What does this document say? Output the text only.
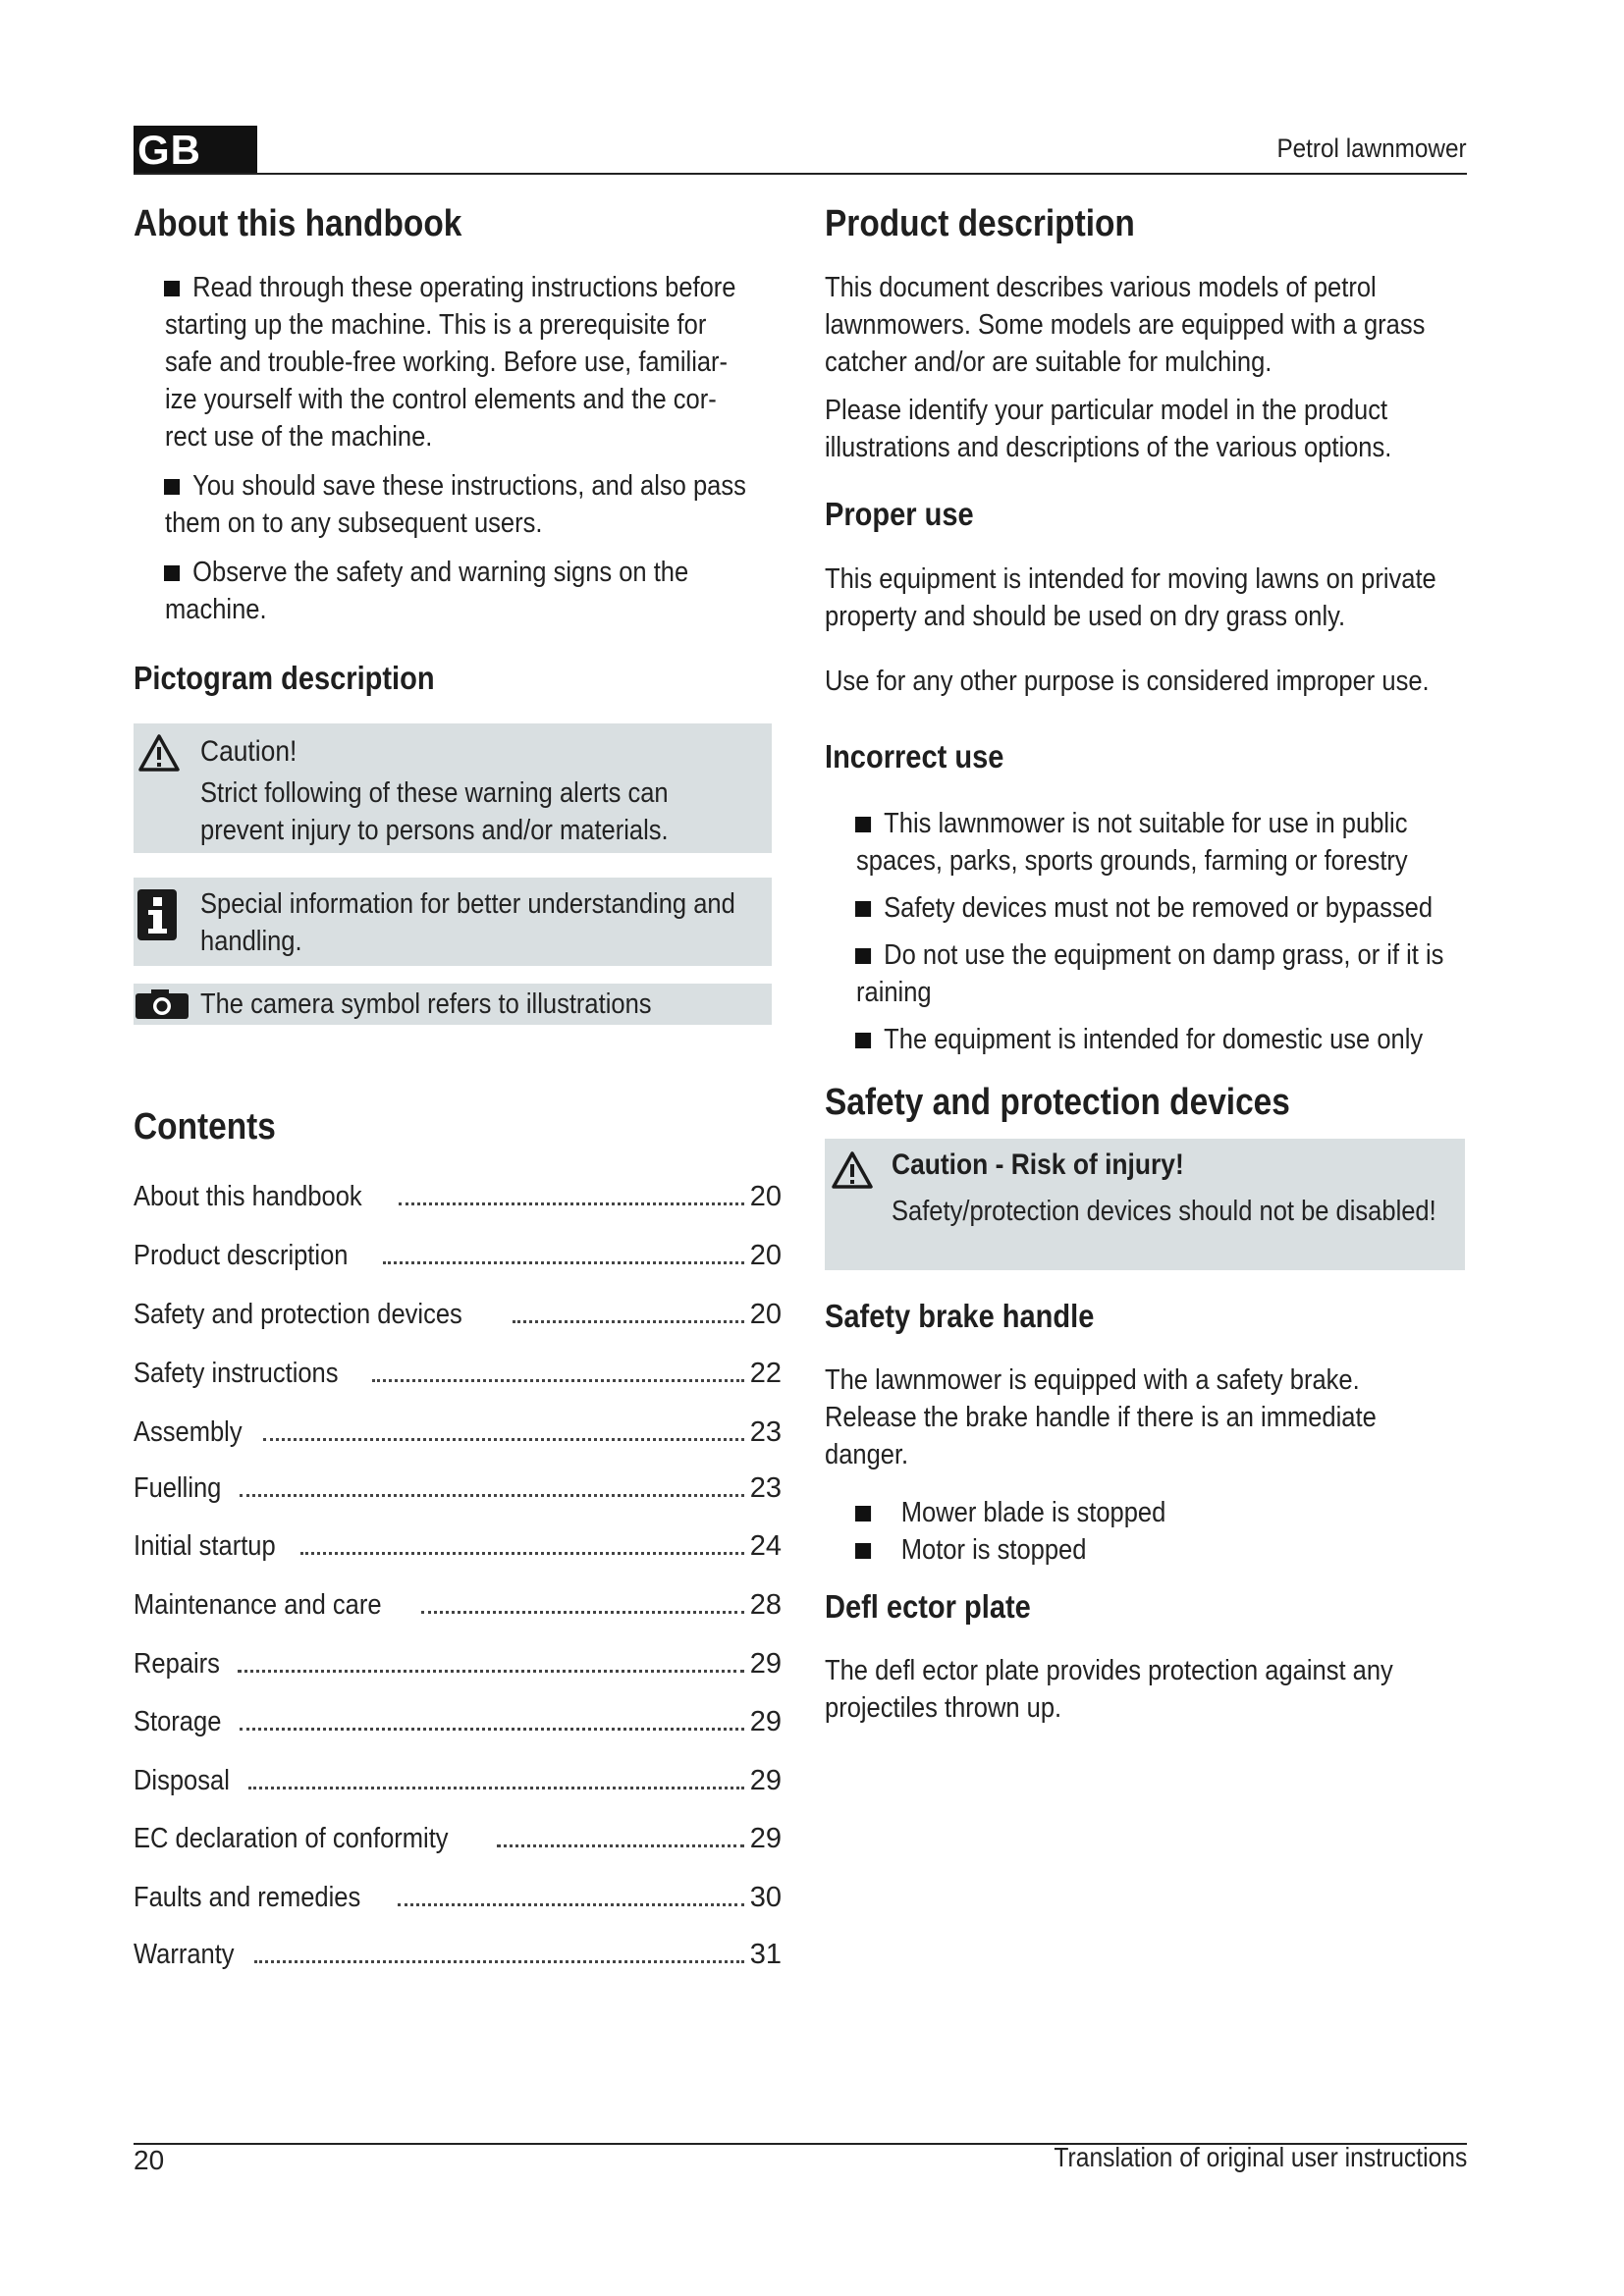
GB	Petrol lawnmower
About this handbook
Read through these operating instructions before starting up the machine. This is a prerequisite for safe and trouble-free working. Before use, familiar-ize yourself with the control elements and the cor-rect use of the machine.
You should save these instructions, and also pass them on to any subsequent users.
Observe the safety and warning signs on the machine.
Pictogram description
Caution!
Strict following of these warning alerts can
prevent injury to persons and/or materials.
Special information for better understanding and
handling.
The camera symbol refers to illustrations
Contents
About this handbook	20
Product description	20
Safety and protection devices	20
Safety instructions	22
Assembly	23
Fuelling	23
Initial startup	24
Maintenance and care	28
Repairs	29
Storage	29
Disposal	29
EC declaration of conformity	29
Faults and remedies	30
Warranty	31
Product description
This document describes various models of petrol lawnmowers. Some models are equipped with a grass catcher and/or are suitable for mulching.
Please identify your particular model in the product illustrations and descriptions of the various options.
Proper use
This equipment is intended for moving lawns on private property and should be used on dry grass only.
Use for any other purpose is considered improper use.
Incorrect use
This lawnmower is not suitable for use in public spaces, parks, sports grounds, farming or forestry
Safety devices must not be removed or bypassed
Do not use the equipment on damp grass, or if it is raining
The equipment is intended for domestic use only
Safety and protection devices
Caution - Risk of injury!
Safety/protection devices should not be disabled!
Safety brake handle
The lawnmower is equipped with a safety brake. Release the brake handle if there is an immediate danger.
Mower blade is stopped
Motor is stopped
Defl ector plate
The defl ector plate provides protection against any projectiles thrown up.
20	Translation of original user instructions
